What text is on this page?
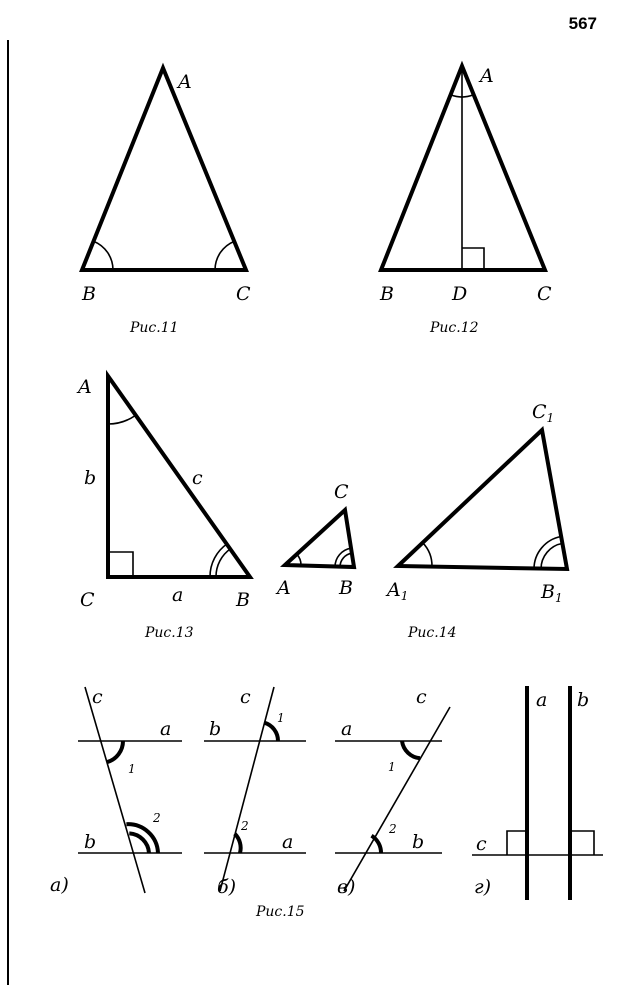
567
A
B	C
Рис.11
A
B	D	C
Рис.12
A
b	c
C	a	B
Рис.13
C
A	B
$C_1$
$A_1$	$B_1$
Рис.14
c
a
b
1
2
а)
c
b
a
1
2
б)
c
a
b
1
2
в)
a b
c
г)
Рис.15
